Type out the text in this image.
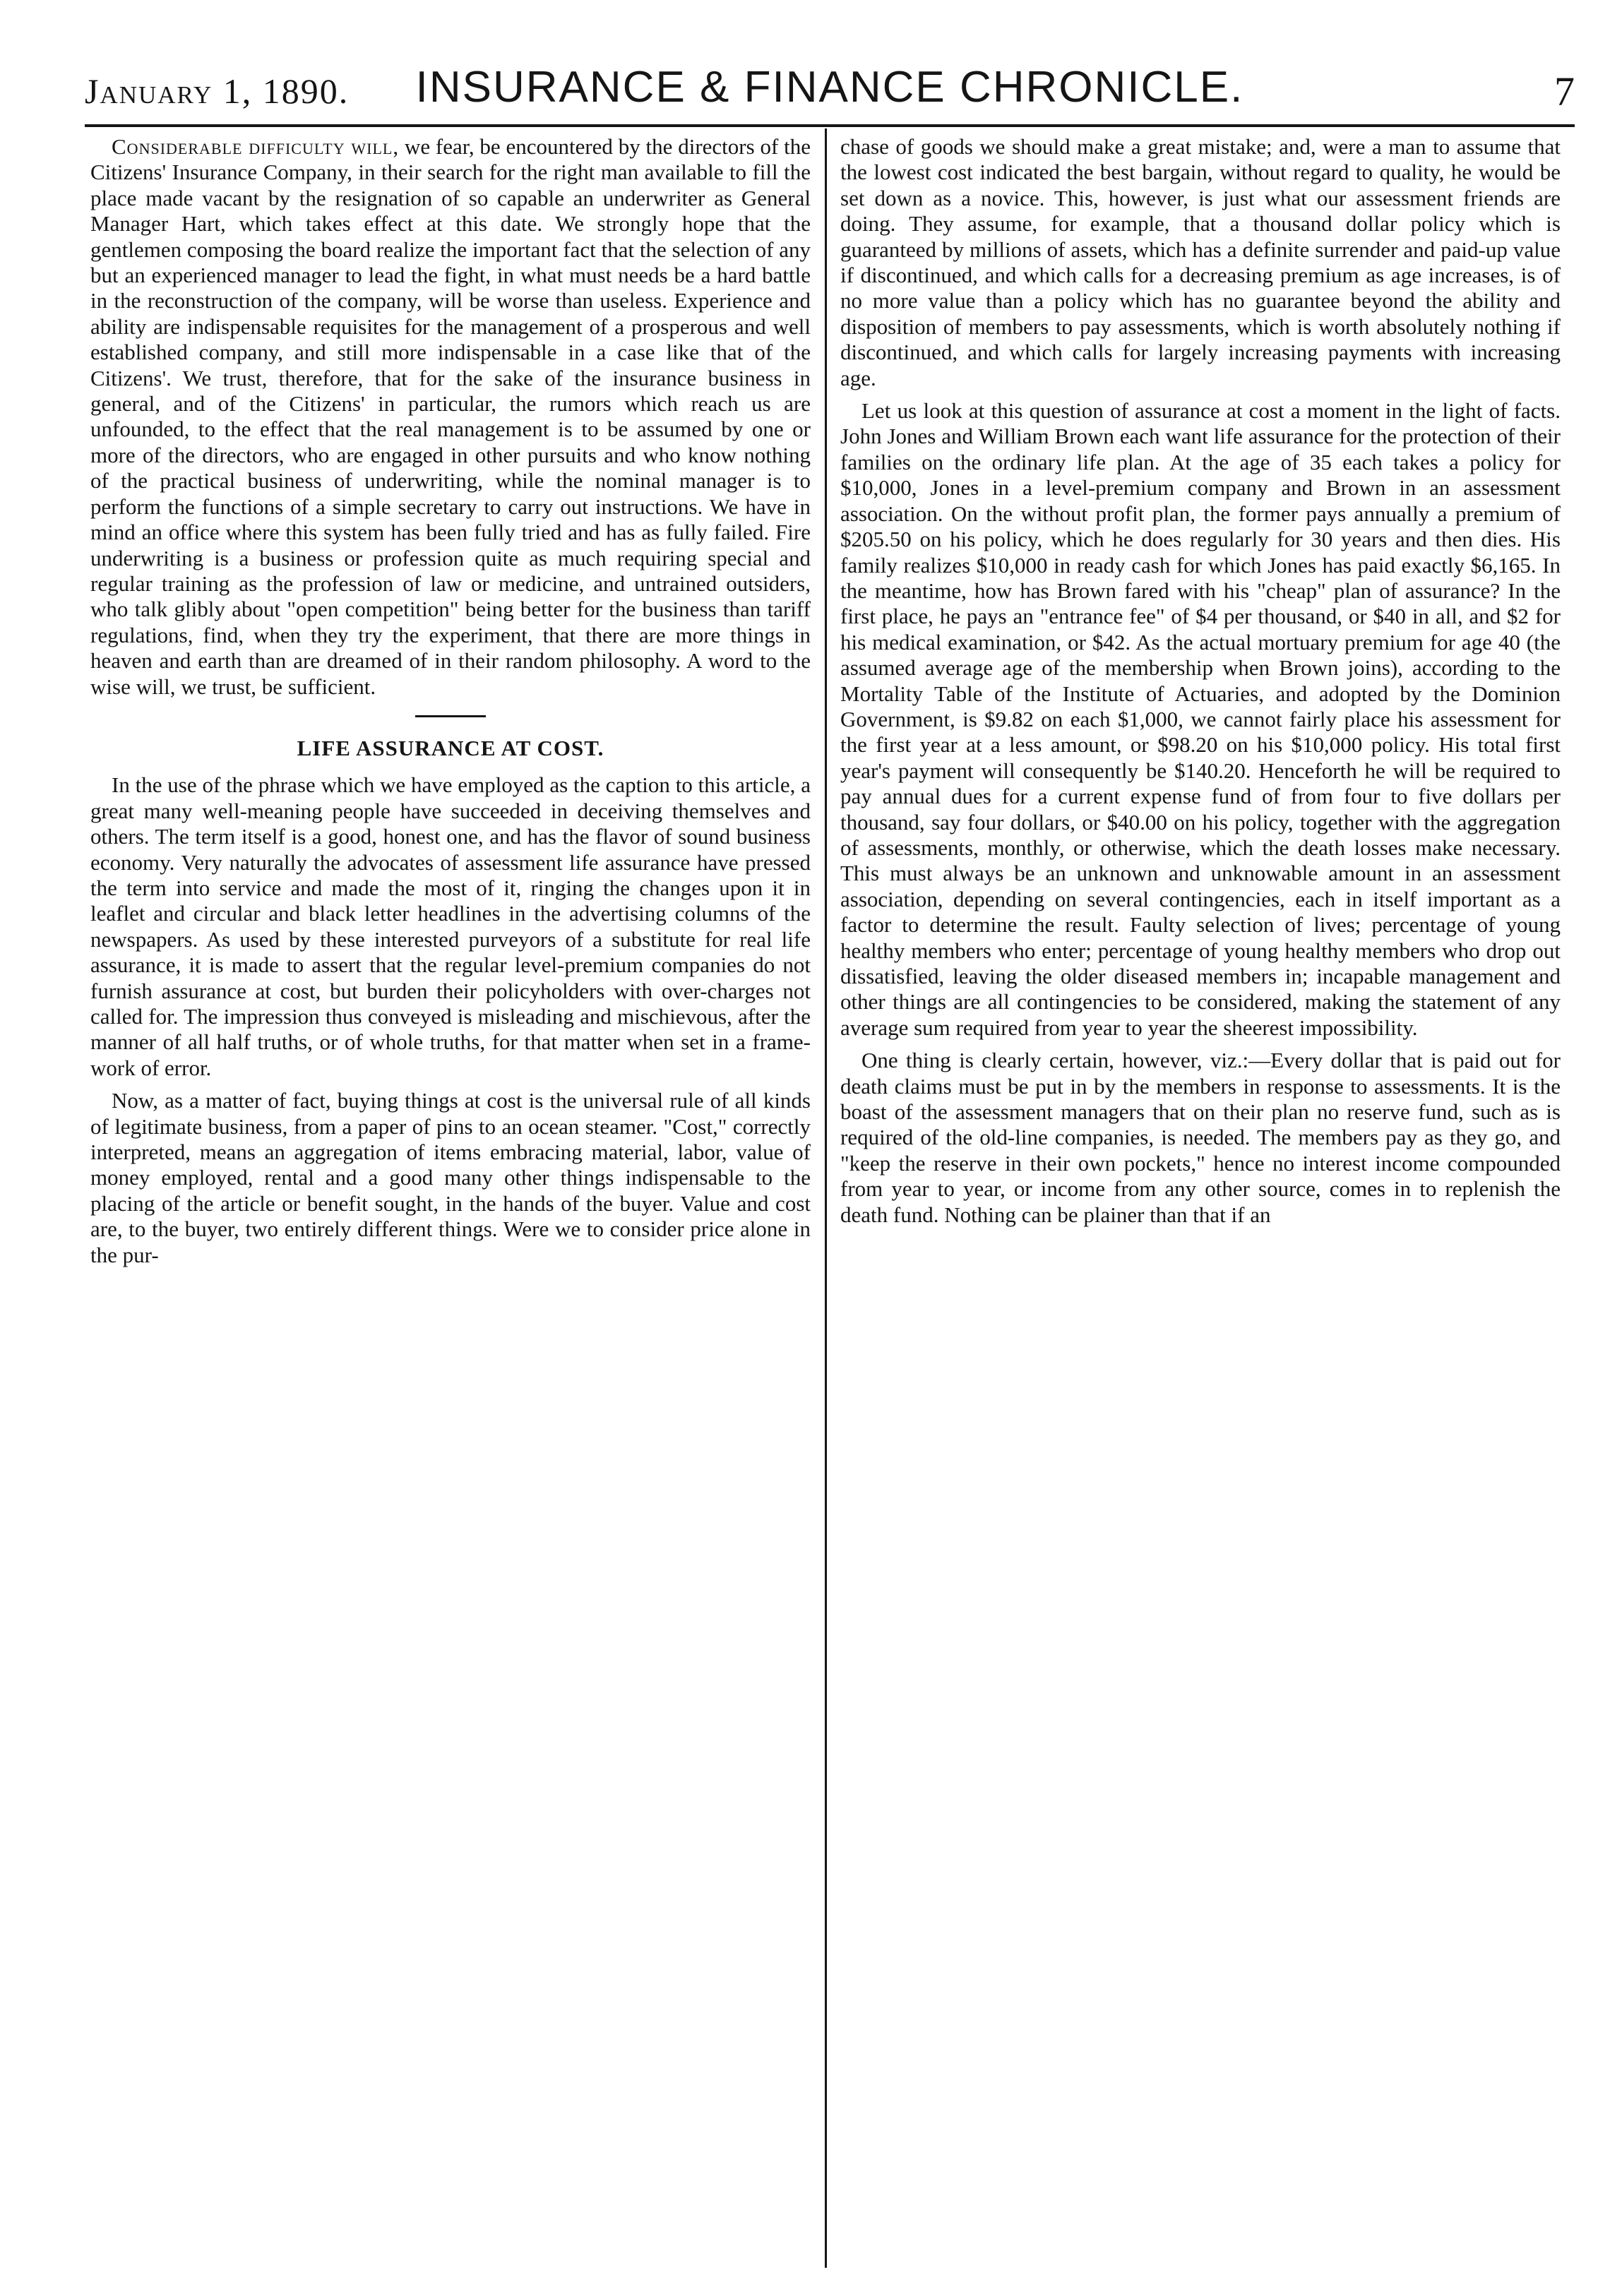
January 1, 1890.	INSURANCE & FINANCE CHRONICLE.	7

Considerable difficulty will, we fear, be encountered by the directors of the Citizens' Insurance Company, in their search for the right man available to fill the place made vacant by the resignation of so capable an underwriter as General Manager Hart, which takes effect at this date. We strongly hope that the gentlemen composing the board realize the important fact that the selection of any but an experienced manager to lead the fight, in what must needs be a hard battle in the reconstruction of the company, will be worse than useless. Experience and ability are indispensable requisites for the management of a prosperous and well established company, and still more indispensable in a case like that of the Citizens'. We trust, therefore, that for the sake of the insurance business in general, and of the Citizens' in particular, the rumors which reach us are unfounded, to the effect that the real management is to be assumed by one or more of the directors, who are engaged in other pursuits and who know nothing of the practical business of underwriting, while the nominal manager is to perform the functions of a simple secretary to carry out instructions. We have in mind an office where this system has been fully tried and has as fully failed. Fire underwriting is a business or profession quite as much requiring special and regular training as the profession of law or medicine, and untrained outsiders, who talk glibly about "open competition" being better for the business than tariff regulations, find, when they try the experiment, that there are more things in heaven and earth than are dreamed of in their random philosophy. A word to the wise will, we trust, be sufficient.

LIFE ASSURANCE AT COST.

In the use of the phrase which we have employed as the caption to this article, a great many well-meaning people have succeeded in deceiving themselves and others. The term itself is a good, honest one, and has the flavor of sound business economy. Very naturally the advocates of assessment life assurance have pressed the term into service and made the most of it, ringing the changes upon it in leaflet and circular and black letter headlines in the advertising columns of the newspapers. As used by these interested purveyors of a substitute for real life assurance, it is made to assert that the regular level-premium companies do not furnish assurance at cost, but burden their policyholders with over-charges not called for. The impression thus conveyed is misleading and mischievous, after the manner of all half truths, or of whole truths, for that matter when set in a frame-work of error.

Now, as a matter of fact, buying things at cost is the universal rule of all kinds of legitimate business, from a paper of pins to an ocean steamer. "Cost," correctly interpreted, means an aggregation of items embracing material, labor, value of money employed, rental and a good many other things indispensable to the placing of the article or benefit sought, in the hands of the buyer. Value and cost are, to the buyer, two entirely different things. Were we to consider price alone in the pur-

chase of goods we should make a great mistake; and, were a man to assume that the lowest cost indicated the best bargain, without regard to quality, he would be set down as a novice. This, however, is just what our assessment friends are doing. They assume, for example, that a thousand dollar policy which is guaranteed by millions of assets, which has a definite surrender and paid-up value if discontinued, and which calls for a decreasing premium as age increases, is of no more value than a policy which has no guarantee beyond the ability and disposition of members to pay assessments, which is worth absolutely nothing if discontinued, and which calls for largely increasing payments with increasing age.

Let us look at this question of assurance at cost a moment in the light of facts. John Jones and William Brown each want life assurance for the protection of their families on the ordinary life plan. At the age of 35 each takes a policy for $10,000, Jones in a level-premium company and Brown in an assessment association. On the without profit plan, the former pays annually a premium of $205.50 on his policy, which he does regularly for 30 years and then dies. His family realizes $10,000 in ready cash for which Jones has paid exactly $6,165. In the meantime, how has Brown fared with his "cheap" plan of assurance? In the first place, he pays an "entrance fee" of $4 per thousand, or $40 in all, and $2 for his medical examination, or $42. As the actual mortuary premium for age 40 (the assumed average age of the membership when Brown joins), according to the Mortality Table of the Institute of Actuaries, and adopted by the Dominion Government, is $9.82 on each $1,000, we cannot fairly place his assessment for the first year at a less amount, or $98.20 on his $10,000 policy. His total first year's payment will consequently be $140.20. Henceforth he will be required to pay annual dues for a current expense fund of from four to five dollars per thousand, say four dollars, or $40.00 on his policy, together with the aggregation of assessments, monthly, or otherwise, which the death losses make necessary. This must always be an unknown and unknowable amount in an assessment association, depending on several contingencies, each in itself important as a factor to determine the result. Faulty selection of lives; percentage of young healthy members who enter; percentage of young healthy members who drop out dissatisfied, leaving the older diseased members in; incapable management and other things are all contingencies to be considered, making the statement of any average sum required from year to year the sheerest impossibility.

One thing is clearly certain, however, viz.:—Every dollar that is paid out for death claims must be put in by the members in response to assessments. It is the boast of the assessment managers that on their plan no reserve fund, such as is required of the old-line companies, is needed. The members pay as they go, and "keep the reserve in their own pockets," hence no interest income compounded from year to year, or income from any other source, comes in to replenish the death fund. Nothing can be plainer than that if an
